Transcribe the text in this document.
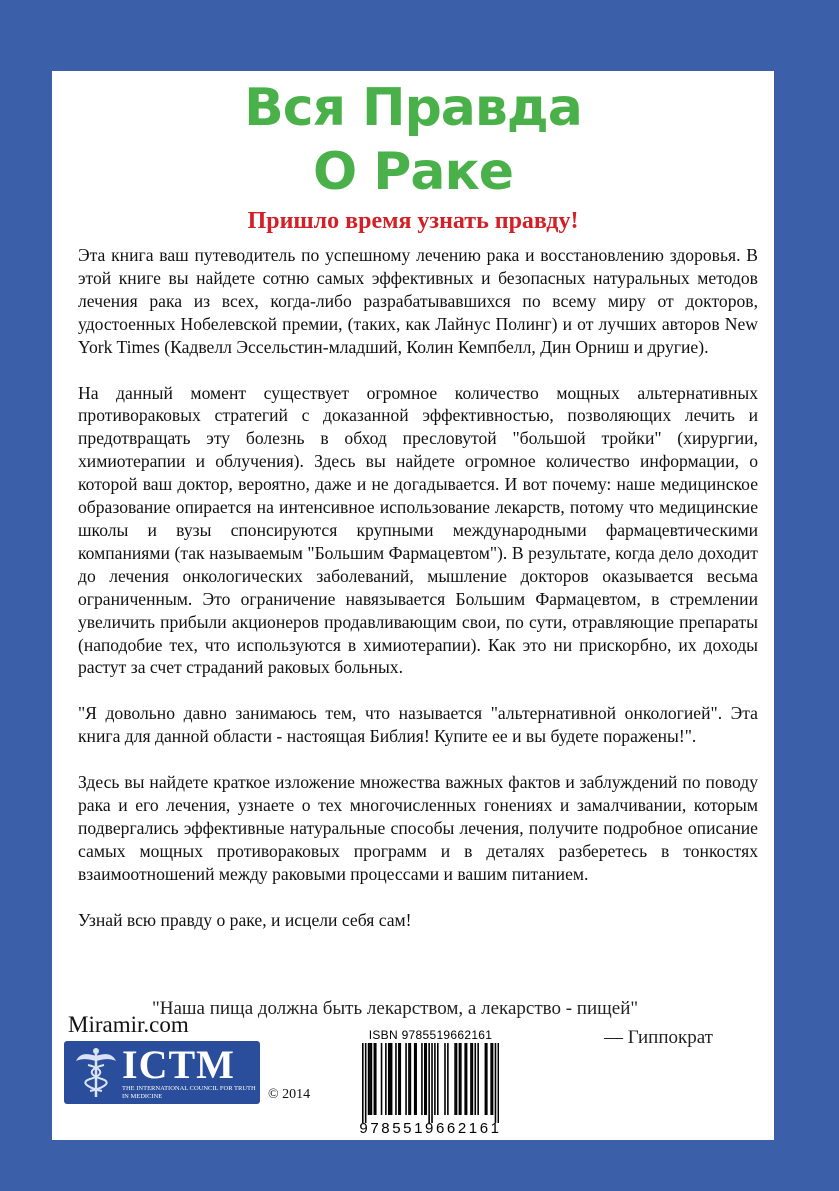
Вся Правда
О Раке
Пришло время узнать правду!

Эта книга ваш путеводитель по успешному лечению рака и восстановлению здоровья. В этой книге вы найдете сотню самых эффективных и безопасных натуральных методов лечения рака из всех, когда-либо разрабатывавшихся по всему миру от докторов, удостоенных Нобелевской премии, (таких, как Лайнус Полинг) и от лучших авторов New York Times (Кадвелл Эссельстин-младший, Колин Кемпбелл, Дин Орниш и другие).

На данный момент существует огромное количество мощных альтернативных противораковых стратегий с доказанной эффективностью, позволяющих лечить и предотвращать эту болезнь в обход пресловутой "большой тройки" (хирургии, химиотерапии и облучения). Здесь вы найдете огромное количество информации, о которой ваш доктор, вероятно, даже и не догадывается. И вот почему: наше медицинское образование опирается на интенсивное использование лекарств, потому что медицинские школы и вузы спонсируются крупными международными фармацевтическими компаниями (так называемым "Большим Фармацевтом"). В результате, когда дело доходит до лечения онкологических заболеваний, мышление докторов оказывается весьма ограниченным. Это ограничение навязывается Большим Фармацевтом, в стремлении увеличить прибыли акционеров продавливающим свои, по сути, отравляющие препараты (наподобие тех, что используются в химиотерапии). Как это ни прискорбно, их доходы растут за счет страданий раковых больных.

"Я довольно давно занимаюсь тем, что называется "альтернативной онкологией". Эта книга для данной области - настоящая Библия! Купите ее и вы будете поражены!".

Здесь вы найдете краткое изложение множества важных фактов и заблуждений по поводу рака и его лечения, узнаете о тех многочисленных гонениях и замалчивании, которым подвергались эффективные натуральные способы лечения, получите подробное описание самых мощных противораковых программ и в деталях разберетесь в тонкостях взаимоотношений между раковыми процессами и вашим питанием.

Узнай всю правду о раке, и исцели себя сам!

"Наша пища должна быть лекарством, а лекарство - пищей"
— Гиппократ
Miramir.com
ICTM
THE INTERNATIONAL COUNCIL FOR TRUTH IN MEDICINE	© 2014
ISBN 9785519662161
9785519662161
